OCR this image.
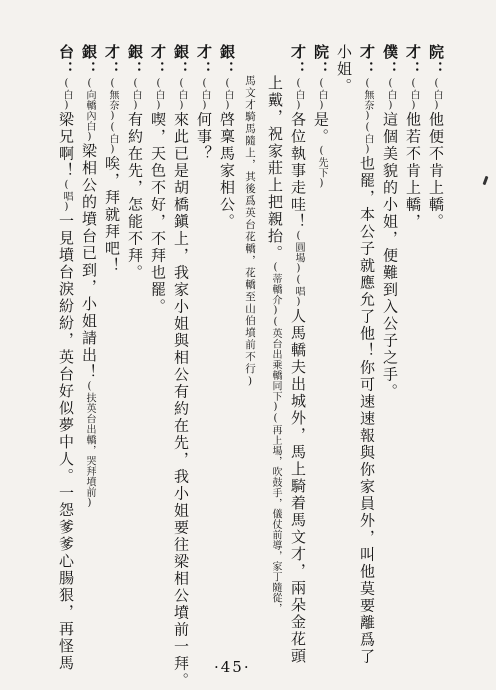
院：(白)他便不肯上轎。
才：(白)他若不肯上轎，
僕：(白)這個美貌的小姐，便難到入公子之手。
才：(無奈)(白)也罷，本公子就應允了他！你可速速報與你家員外，叫他莫要離爲了
小姐。
院：(白)是。(先下)
才：(白)各位執事走哇！(圓場)(唱)人馬轎夫出城外，馬上騎着馬文才，兩朵金花頭
上戴，祝家莊上把親抬。(蒂轎介)(英台出乘轎同下)(再上場，吹鼓手，儀仗前導，家丁隨從，
馬文才騎馬隨上，其後爲英台花轎，花轎至山伯墳前不行)
銀：(白)啓稟馬家相公。
才：(白)何事？
銀：(白)來此已是胡橋鎭上，我家小姐與相公有約在先，我小姐要往梁相公墳前一拜。
才：(白)喫，天色不好，不拜也罷。
銀：(白)有約在先，怎能不拜。
才：(無奈)(白)唉，拜就拜吧！
銀：(向轎內白)梁相公的墳台已到，小姐請出！(扶英台出轎，哭拜墳前)
台：(白)梁兄啊！(唱)一見墳台淚紛紛，英台好似夢中人。一怨爹爹心腸狠，再怪馬	·45·
